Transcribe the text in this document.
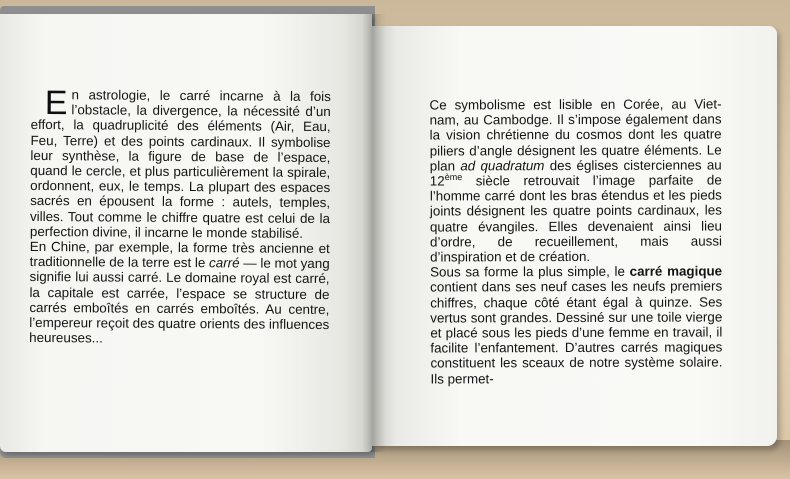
En astrologie, le carré incarne à la fois l’obstacle, la divergence, la nécessité d’un effort, la quadruplicité des éléments (Air, Eau, Feu, Terre) et des points cardinaux. Il symbolise leur synthèse, la figure de base de l’espace, quand le cercle, et plus particulièrement la spirale, ordonnent, eux, le temps. La plupart des espaces sacrés en épousent la forme : autels, temples, villes. Tout comme le chiffre quatre est celui de la perfection divine, il incarne le monde stabilisé.

En Chine, par exemple, la forme très ancienne et traditionnelle de la terre est le carré — le mot yang signifie lui aussi carré. Le domaine royal est carré, la capitale est carrée, l’espace se structure de carrés emboîtés en carrés emboîtés. Au centre, l’empereur reçoit des quatre orients des influences heureuses...

Ce symbolisme est lisible en Corée, au Viet-nam, au Cambodge. Il s’impose également dans la vision chrétienne du cosmos dont les quatre piliers d’angle désignent les quatre éléments. Le plan ad quadratum des églises cisterciennes au 12ème siècle retrouvait l’image parfaite de l’homme carré dont les bras étendus et les pieds joints désignent les quatre points cardinaux, les quatre évangiles. Elles devenaient ainsi lieu d’ordre, de recueillement, mais aussi d’inspiration et de création.

Sous sa forme la plus simple, le carré magique contient dans ses neuf cases les neufs premiers chiffres, chaque côté étant égal à quinze. Ses vertus sont grandes. Dessiné sur une toile vierge et placé sous les pieds d’une femme en travail, il facilite l’enfantement. D’autres carrés magiques constituent les sceaux de notre système solaire. Ils permet-
